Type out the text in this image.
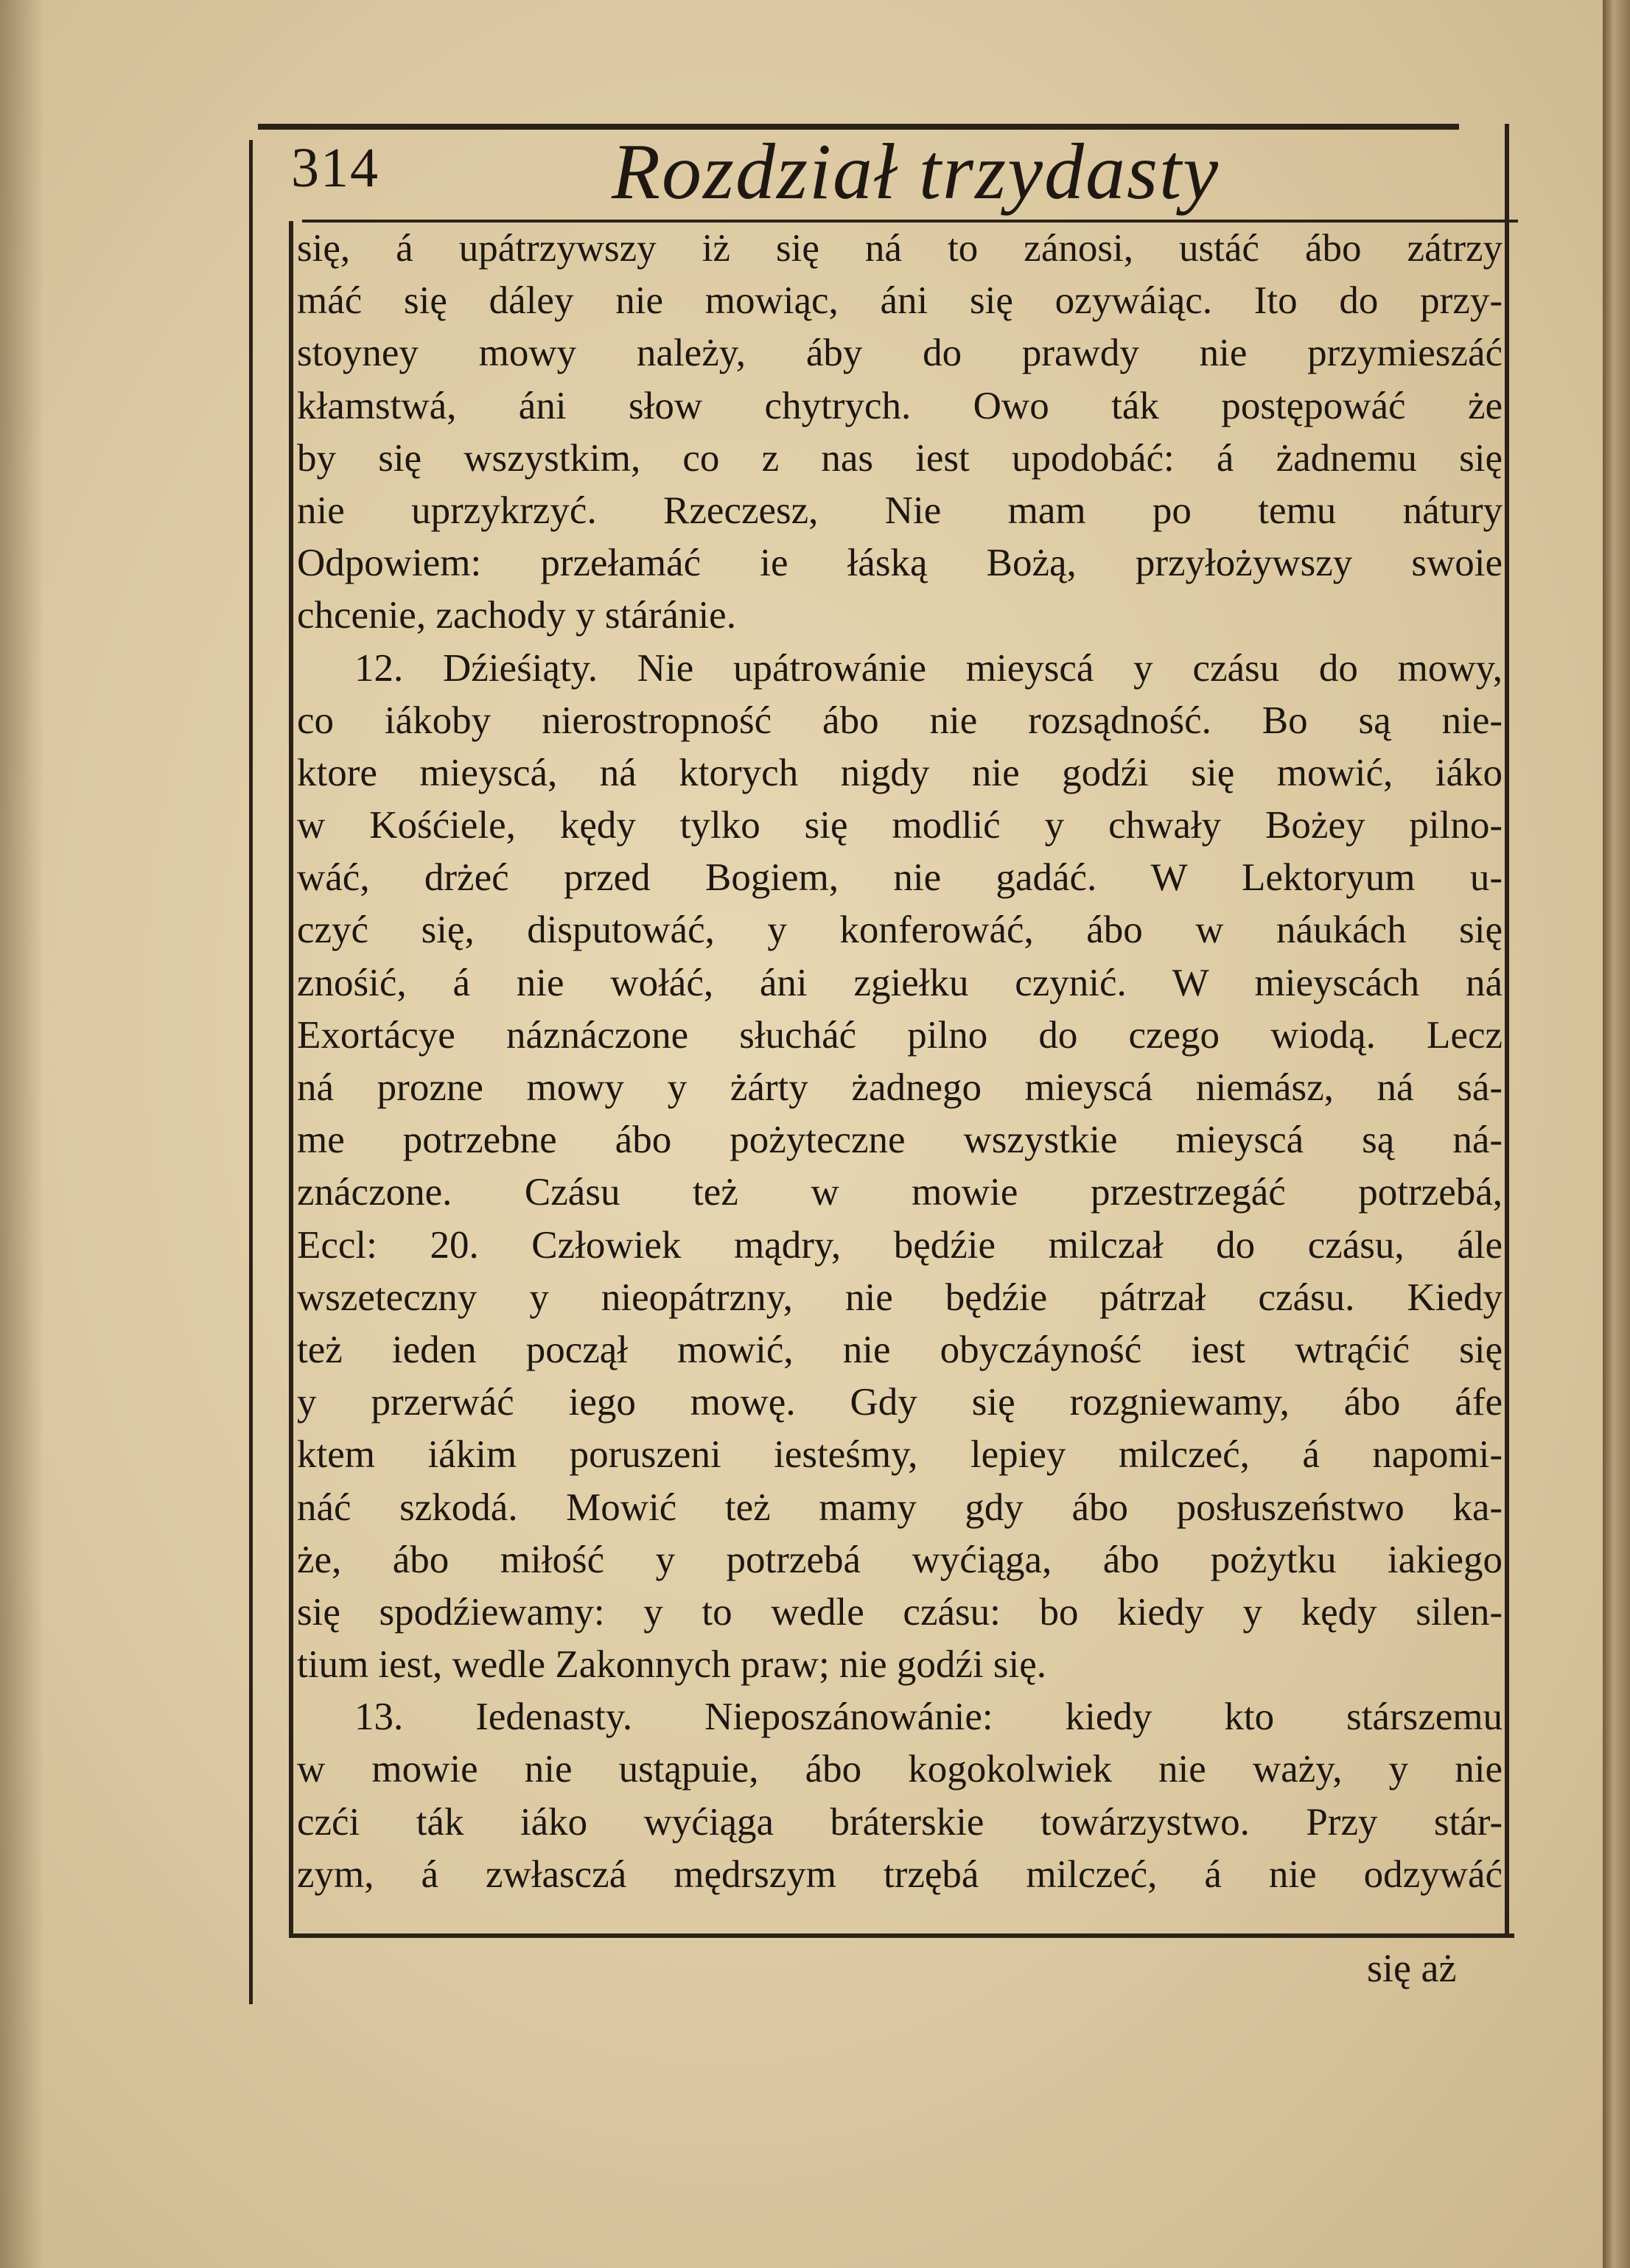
314	Rozdział trzydasty
się, á upátrzywszy iż się ná to zánosi, ustáć ábo zátrzy
máć się dáley nie mowiąc, áni się ozywáiąc. Ito do przy-
stoyney mowy należy, áby do prawdy nie przymieszáć
kłamstwá, áni słow chytrych. Owo ták postępowáć że
by się wszystkim, co z nas iest upodobáć: á żadnemu się
nie uprzykrzyć. Rzeczesz, Nie mam po temu nátury
Odpowiem: przełamáć ie łáską Bożą, przyłożywszy swoie
chcenie, zachody y stáránie.
12. Dźieśiąty. Nie upátrowánie mieyscá y czásu do mowy,
co iákoby nierostropność ábo nie rozsądność. Bo są nie-
ktore mieyscá, ná ktorych nigdy nie godźi się mowić, iáko
w Kośćiele, kędy tylko się modlić y chwały Bożey pilno-
wáć, drżeć przed Bogiem, nie gadáć. W Lektoryum u-
czyć się, disputowáć, y konferowáć, ábo w náukách się
znośić, á nie wołáć, áni zgiełku czynić. W mieyscách ná
Exortácye náznáczone słucháć pilno do czego wiodą. Lecz
ná prozne mowy y żárty żadnego mieyscá niemász, ná sá-
me potrzebne ábo pożyteczne wszystkie mieyscá są ná-
znáczone. Czásu też w mowie przestrzegáć potrzebá,
Eccl: 20. Człowiek mądry, będźie milczał do czásu, ále
wszeteczny y nieopátrzny, nie będźie pátrzał czásu. Kiedy
też ieden począł mowić, nie obyczáyność iest wtrąćić się
y przerwáć iego mowę. Gdy się rozgniewamy, ábo áfe
ktem iákim poruszeni iesteśmy, lepiey milczeć, á napomi-
náć szkodá. Mowić też mamy gdy ábo posłuszeństwo ka-
że, ábo miłość y potrzebá wyćiąga, ábo pożytku iakiego
się spodźiewamy: y to wedle czásu: bo kiedy y kędy silen-
tium iest, wedle Zakonnych praw; nie godźi się.
13. Iedenasty. Nieposzánowánie: kiedy kto stárszemu
w mowie nie ustąpuie, ábo kogokolwiek nie waży, y nie
czći ták iáko wyćiąga bráterskie towárzystwo. Przy stár-
zym, á zwłasczá mędrszym trzębá milczeć, á nie odzywáć
się aż
